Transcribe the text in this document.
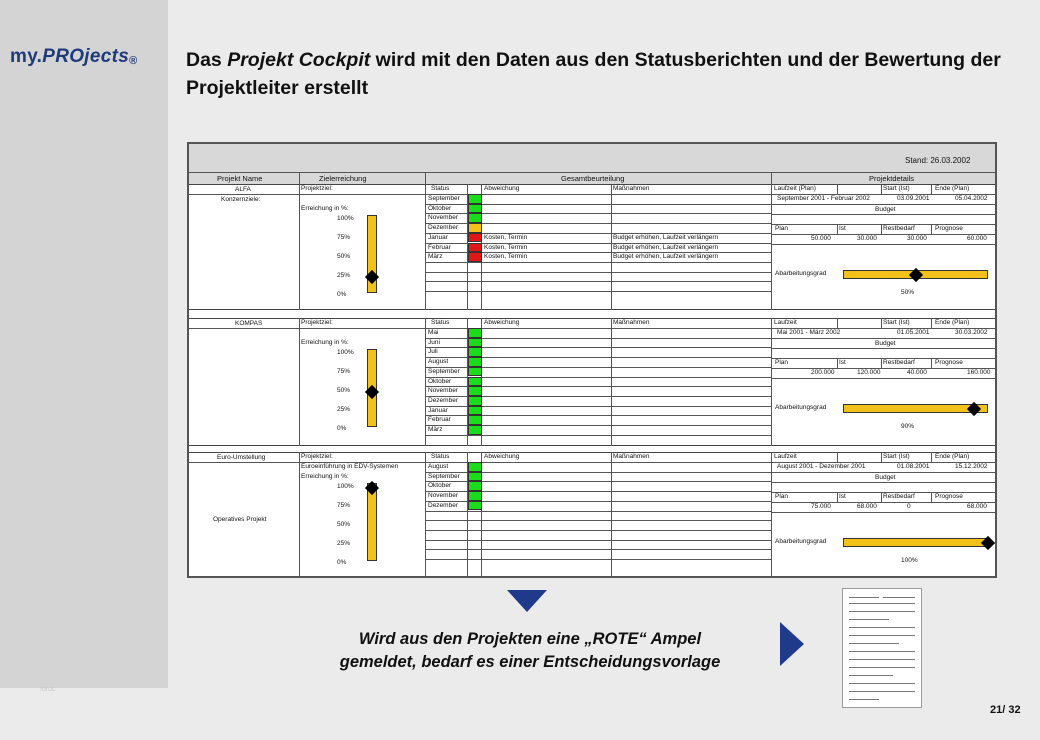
my.PROjects®
fdrdc
Das Projekt Cockpit wird mit den Daten aus den Statusberichten und der Bewertung der Projektleiter erstellt
Stand: 26.03.2002
Projekt Name	Zielerreichung	Gesamtbeurteilung	Projektdetails
ALFA
Konzernziele:
Projektziel:
Erreichung in %:
Status	Abweichung	Maßnahmen	Laufzeit (Plan)	Start (Ist)	Ende (Plan)
September 2001 - Februar 2002	03.09.2001	05.04.2002
Budget
Plan	Ist	Restbedarf	Prognose
50.000	30.000	30.000	60.000
Abarbeitungsgrad
50%
100%
75%
50%
25%
0%
September
Oktober
November
Dezember
Januar	Kosten, Termin	Budget erhöhen, Laufzeit verlängern
Februar	Kosten, Termin	Budget erhöhen, Laufzeit verlängern
März	Kosten, Termin	Budget erhöhen, Laufzeit verlängern
KOMPAS	Projektziel:
Erreichung in %:
Status	Abweichung	Maßnahmen	Laufzeit	Start (Ist)	Ende (Plan)
Mai 2001 - März 2002	01.05.2001	30.03.2002
Budget
Plan	Ist	Restbedarf	Prognose
200.000	120.000	40.000	160.000
Abarbeitungsgrad
90%
100%
75%
50%
25%
0%
Mai
Juni
Juli
August
September
Oktober
November
Dezember
Januar
Februar
März
Euro-Umstellung
Operatives Projekt
Projektziel:
Euroeinführung in EDV-Systemen
Erreichung in %:
Status	Abweichung	Maßnahmen	Laufzeit	Start (Ist)	Ende (Plan)
August 2001 - Dezember 2001	01.08.2001	15.12.2002
Budget
Plan	Ist	Restbedarf	Prognose
75.000	68.000	0	68.000
Abarbeitungsgrad
100%
100%
75%
50%
25%
0%
August
September
Oktober
November
Dezember
Wird aus den Projekten eine „ROTE“ Ampel
gemeldet, bedarf es einer Entscheidungsvorlage
21/ 32
